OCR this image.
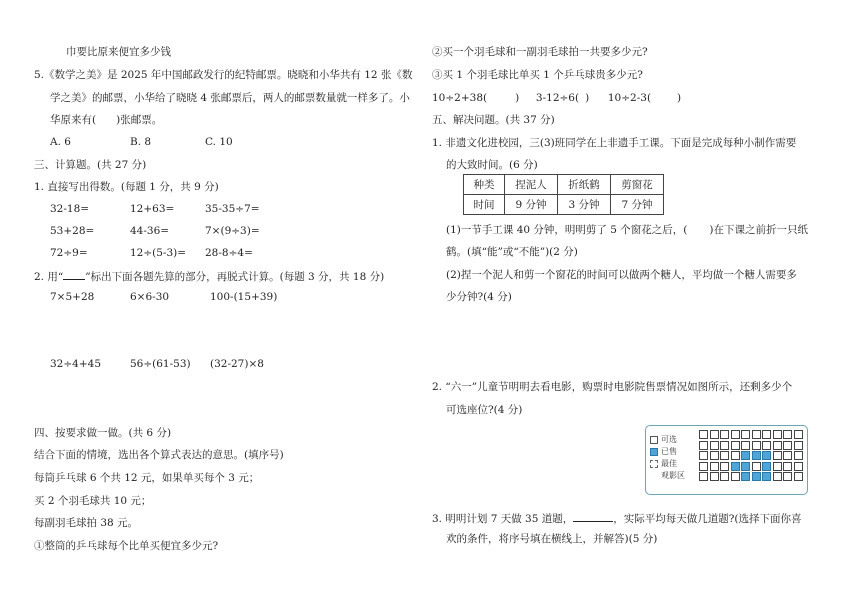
巾要比原来便宜多少钱
5.《数学之美》是 2025 年中国邮政发行的纪特邮票。晓晓和小华共有 12 张《数
学之美》的邮票，小华给了晓晓 4 张邮票后，两人的邮票数量就一样多了。小
华原来有( )张邮票。
A. 6	B. 8	C. 10
三、计算题。(共 27 分)
1. 直接写出得数。(每题 1 分，共 9 分)
32-18=	12+63=	35-35÷7=
53+28=	44-36=	7×(9÷3)=
72÷9=	12÷(5-3)= 28-8÷4=
2. 用“ ”标出下面各题先算的部分，再脱式计算。(每题 3 分，共 18 分)
7×5+28	6×6-30	100-(15+39)
32÷4+45	56÷(61-53) (32-27)×8
四、按要求做一做。(共 6 分)
结合下面的情境，选出各个算式表达的意思。(填序号)
每筒乒乓球 6 个共 12 元，如果单买每个 3 元；
买 2 个羽毛球共 10 元；
每副羽毛球拍 38 元。
①整筒的乒乓球每个比单买便宜多少元?
②买一个羽毛球和一副羽毛球拍一共要多少元?
③买 1 个羽毛球比单买 1 个乒乓球贵多少元?
10÷2+38(	) 3-12÷6( ) 10÷2-3( )
五、解决问题。(共 37 分)
1. 非遗文化进校园，三(3)班同学在上非遗手工课。下面是完成每种小制作需要
的大致时间。(6 分)
种类	捏泥人	折纸鹤	剪窗花
时间	9 分钟	3 分钟	7 分钟
(1)一节手工课 40 分钟，明明剪了 5 个窗花之后，( )在下课之前折一只纸
鹤。(填“能”或“不能”)(2 分)
(2)捏一个泥人和剪一个窗花的时间可以做两个糖人，平均做一个糖人需要多
少分钟?(4 分)
2. “六一”儿童节明明去看电影，购票时电影院售票情况如图所示，还剩多少个
可选座位?(4 分)
可选
已售
最佳
观影区
3. 明明计划 7 天做 35 道题，	，实际平均每天做几道题?(选择下面你喜
欢的条件，将序号填在横线上，并解答)(5 分)
